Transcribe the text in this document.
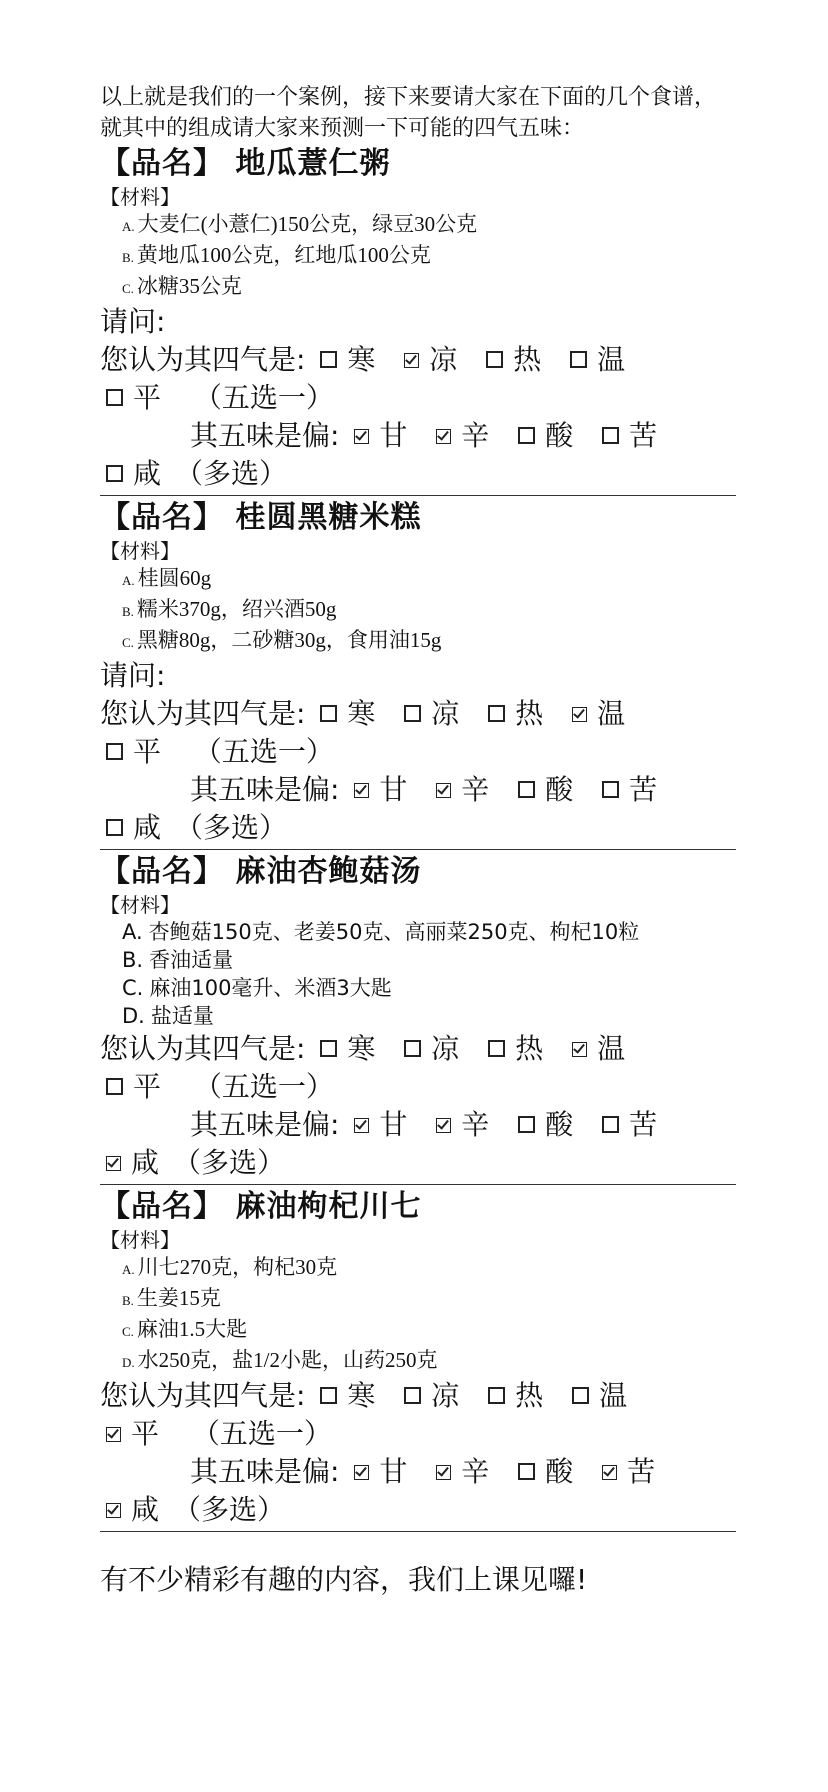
以上就是我们的一个案例，接下来要请大家在下面的几个食谱，就其中的组成请大家来预测一下可能的四气五味：

【品名】 地瓜薏仁粥

【材料】

A. 大麦仁(小薏仁)150公克，绿豆30公克
B. 黄地瓜100公克，红地瓜100公克
C. 冰糖35公克

请问:

您认为其四气是: 寒 凉 热 温

平 （五选一）

其五味是偏: 甘 辛 酸 苦

咸 （多选）

【品名】 桂圆黑糖米糕

【材料】

A. 桂圆60g
B. 糯米370g，绍兴酒50g
C. 黑糖80g，二砂糖30g，食用油15g

请问:

您认为其四气是: 寒 凉 热 温

平 （五选一）

其五味是偏: 甘 辛 酸 苦

咸 （多选）

【品名】 麻油杏鲍菇汤

【材料】

A. 杏鲍菇150克、老姜50克、高丽菜250克、枸杞10粒
B. 香油适量
C. 麻油100毫升、米酒3大匙
D. 盐适量

您认为其四气是: 寒 凉 热 温

平 （五选一）

其五味是偏: 甘 辛 酸 苦

咸 （多选）

【品名】 麻油枸杞川七

【材料】

A. 川七270克，枸杞30克
B. 生姜15克
C. 麻油1.5大匙
D. 水250克，盐1/2小匙，山药250克

您认为其四气是: 寒 凉 热 温

平 （五选一）

其五味是偏: 甘 辛 酸 苦

咸 （多选）

有不少精彩有趣的内容，我们上课见囉!
